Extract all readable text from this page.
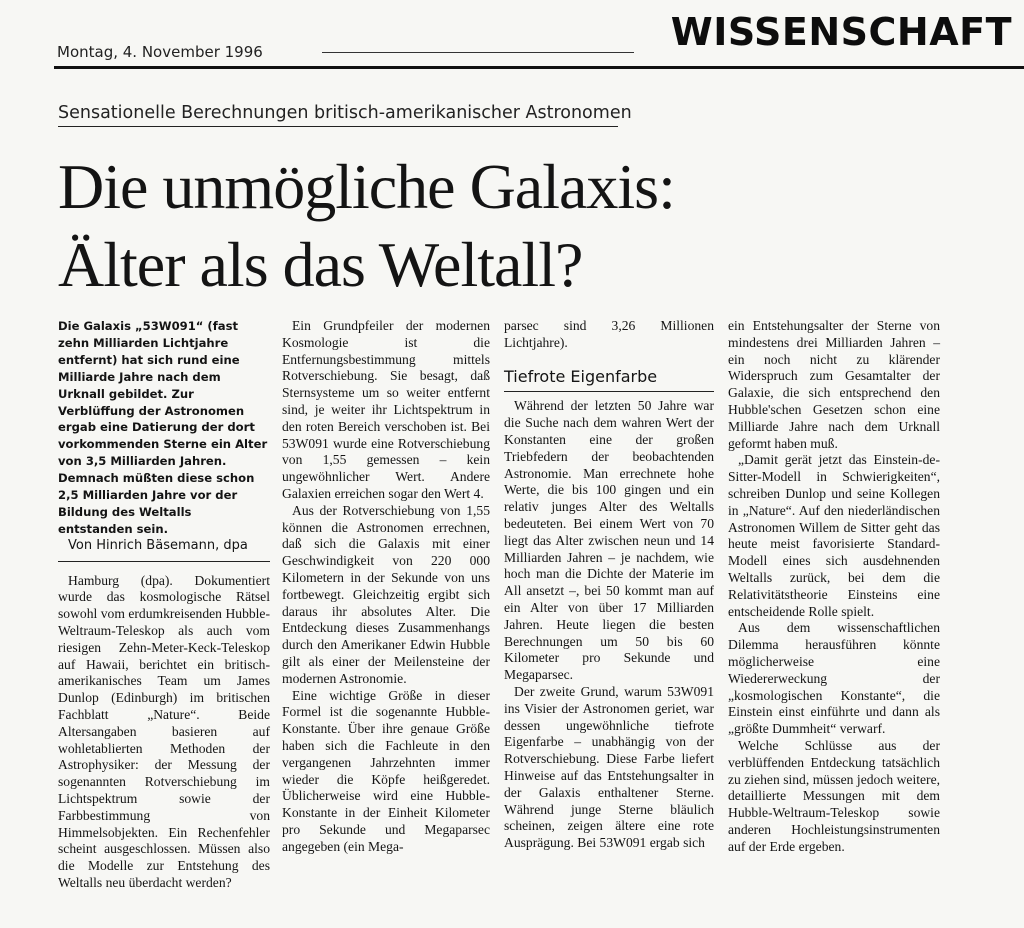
Montag, 4. November 1996	WISSENSCHAFT
Sensationelle Berechnungen britisch-amerikanischer Astronomen
Die unmögliche Galaxis:
Älter als das Weltall?

Die Galaxis „53W091“ (fast zehn Milliarden Lichtjahre entfernt) hat sich rund eine Milliarde Jahre nach dem Urknall gebildet. Zur Verblüffung der Astronomen ergab eine Datierung der dort vorkommenden Sterne ein Alter von 3,5 Milliarden Jahren. Demnach müßten diese schon 2,5 Milliarden Jahre vor der Bildung des Weltalls entstanden sein.

Von Hinrich Bäsemann, dpa

Hamburg (dpa). Dokumentiert wurde das kosmologische Rätsel sowohl vom erdumkreisenden Hubble-Weltraum-Teleskop als auch vom riesigen Zehn-Meter-Keck-Teleskop auf Hawaii, berichtet ein britisch-amerikanisches Team um James Dunlop (Edinburgh) im britischen Fachblatt „Nature“. Beide Altersangaben basieren auf wohletablierten Methoden der Astrophysiker: der Messung der sogenannten Rotverschiebung im Lichtspektrum sowie der Farbbestimmung von Himmelsobjekten. Ein Rechenfehler scheint ausgeschlossen. Müssen also die Modelle zur Entstehung des Weltalls neu überdacht werden?

Ein Grundpfeiler der modernen Kosmologie ist die Entfernungsbestimmung mittels Rotverschiebung. Sie besagt, daß Sternsysteme um so weiter entfernt sind, je weiter ihr Lichtspektrum in den roten Bereich verschoben ist. Bei 53W091 wurde eine Rotverschiebung von 1,55 gemessen – kein ungewöhnlicher Wert. Andere Galaxien erreichen sogar den Wert 4.

Aus der Rotverschiebung von 1,55 können die Astronomen errechnen, daß sich die Galaxis mit einer Geschwindigkeit von 220 000 Kilometern in der Sekunde von uns fortbewegt. Gleichzeitig ergibt sich daraus ihr absolutes Alter. Die Entdeckung dieses Zusammenhangs durch den Amerikaner Edwin Hubble gilt als einer der Meilensteine der modernen Astronomie.

Eine wichtige Größe in dieser Formel ist die sogenannte Hubble-Konstante. Über ihre genaue Größe haben sich die Fachleute in den vergangenen Jahrzehnten immer wieder die Köpfe heißgeredet. Üblicherweise wird eine Hubble-Konstante in der Einheit Kilometer pro Sekunde und Megaparsec angegeben (ein Mega-

parsec sind 3,26 Millionen Lichtjahre).

Tiefrote Eigenfarbe

Während der letzten 50 Jahre war die Suche nach dem wahren Wert der Konstanten eine der großen Triebfedern der beobachtenden Astronomie. Man errechnete hohe Werte, die bis 100 gingen und ein relativ junges Alter des Weltalls bedeuteten. Bei einem Wert von 70 liegt das Alter zwischen neun und 14 Milliarden Jahren – je nachdem, wie hoch man die Dichte der Materie im All ansetzt –, bei 50 kommt man auf ein Alter von über 17 Milliarden Jahren. Heute liegen die besten Berechnungen um 50 bis 60 Kilometer pro Sekunde und Megaparsec.

Der zweite Grund, warum 53W091 ins Visier der Astronomen geriet, war dessen ungewöhnliche tiefrote Eigenfarbe – unabhängig von der Rotverschiebung. Diese Farbe liefert Hinweise auf das Entstehungsalter in der Galaxis enthaltener Sterne. Während junge Sterne bläulich scheinen, zeigen ältere eine rote Ausprägung. Bei 53W091 ergab sich

ein Entstehungsalter der Sterne von mindestens drei Milliarden Jahren – ein noch nicht zu klärender Widerspruch zum Gesamtalter der Galaxie, die sich entsprechend den Hubble'schen Gesetzen schon eine Milliarde Jahre nach dem Urknall geformt haben muß.

„Damit gerät jetzt das Einstein-de-Sitter-Modell in Schwierigkeiten“, schreiben Dunlop und seine Kollegen in „Nature“. Auf den niederländischen Astronomen Willem de Sitter geht das heute meist favorisierte Standard-Modell eines sich ausdehnenden Weltalls zurück, bei dem die Relativitätstheorie Einsteins eine entscheidende Rolle spielt.

Aus dem wissenschaftlichen Dilemma herausführen könnte möglicherweise eine Wiedererweckung der „kosmologischen Konstante“, die Einstein einst einführte und dann als „größte Dummheit“ verwarf.

Welche Schlüsse aus der verblüffenden Entdeckung tatsächlich zu ziehen sind, müssen jedoch weitere, detaillierte Messungen mit dem Hubble-Weltraum-Teleskop sowie anderen Hochleistungsinstrumenten auf der Erde ergeben.
